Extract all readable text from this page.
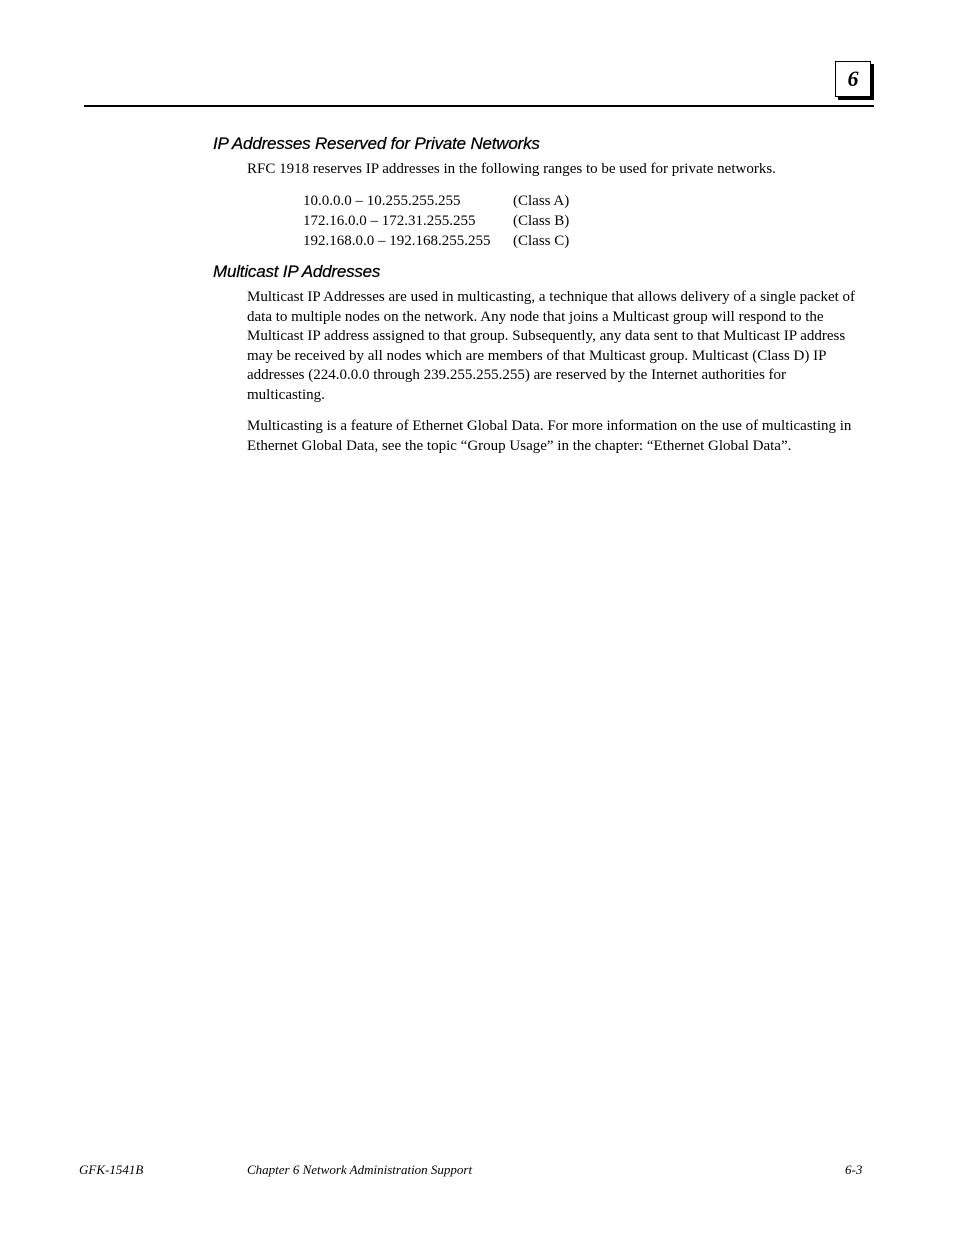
6
IP Addresses Reserved for Private Networks

RFC 1918 reserves IP addresses in the following ranges to be used for private networks.

10.0.0.0 – 10.255.255.255	(Class A)
172.16.0.0 – 172.31.255.255	(Class B)
192.168.0.0 – 192.168.255.255	(Class C)
Multicast IP Addresses

Multicast IP Addresses are used in multicasting, a technique that allows delivery of a single packet of data to multiple nodes on the network. Any node that joins a Multicast group will respond to the Multicast IP address assigned to that group. Subsequently, any data sent to that Multicast IP address may be received by all nodes which are members of that Multicast group. Multicast (Class D) IP addresses (224.0.0.0 through 239.255.255.255) are reserved by the Internet authorities for multicasting.

Multicasting is a feature of Ethernet Global Data. For more information on the use of multicasting in Ethernet Global Data, see the topic “Group Usage” in the chapter: “Ethernet Global Data”.

GFK-1541B	Chapter 6 Network Administration Support	6-3
